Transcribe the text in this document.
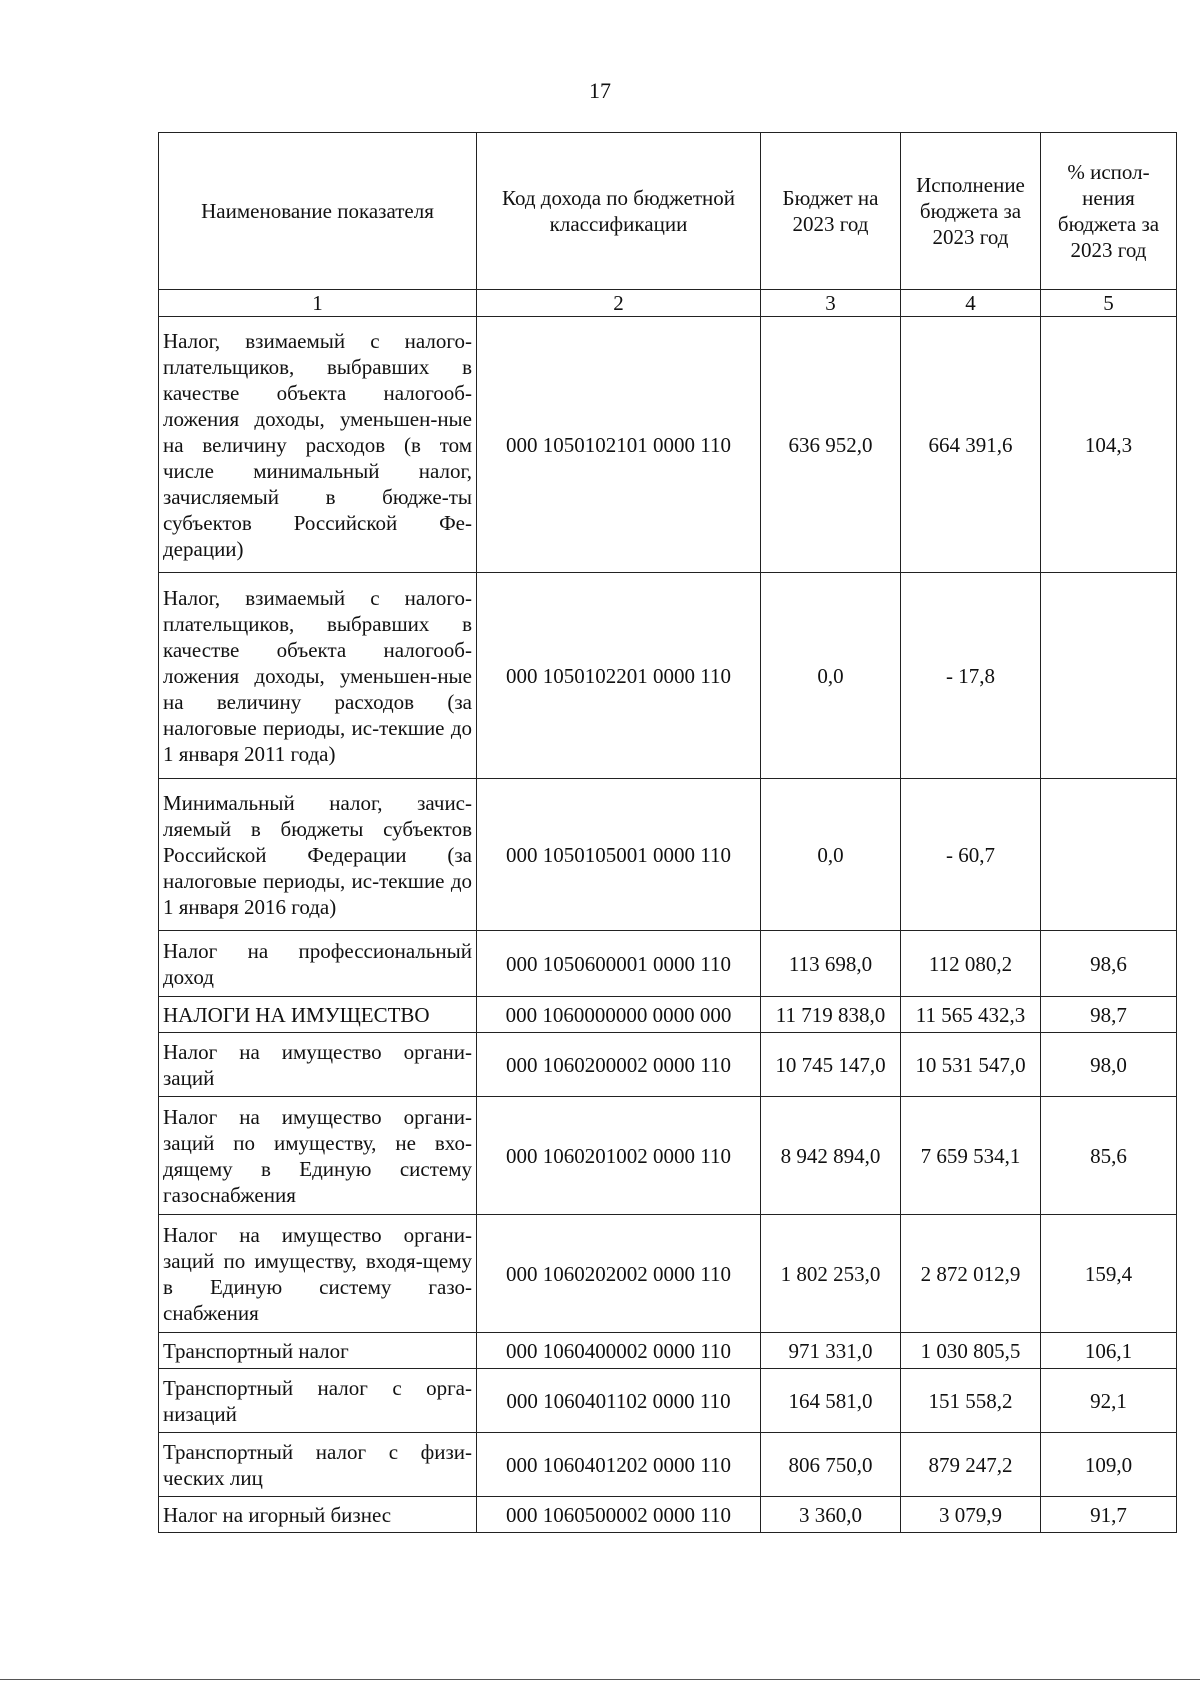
17
Наименование показателя	Код дохода по бюджетной классификации	Бюджет на 2023 год	Исполнение бюджета за 2023 год	% испол-нения бюджета за 2023 год
1	2	3	4	5
Налог, взимаемый с налого-плательщиков, выбравших в качестве объекта налогооб-ложения доходы, уменьшен-ные на величину расходов (в том числе минимальный налог, зачисляемый в бюдже-ты субъектов Российской Фе-дерации)	000 1050102101 0000 110	636 952,0	664 391,6	104,3
Налог, взимаемый с налого-плательщиков, выбравших в качестве объекта налогооб-ложения доходы, уменьшен-ные на величину расходов (за налоговые периоды, ис-текшие до 1 января 2011 года)	000 1050102201 0000 110	0,0	- 17,8	
Минимальный налог, зачис-ляемый в бюджеты субъектов Российской Федерации (за налоговые периоды, ис-текшие до 1 января 2016 года)	000 1050105001 0000 110	0,0	- 60,7	
Налог на профессиональный доход	000 1050600001 0000 110	113 698,0	112 080,2	98,6
НАЛОГИ НА ИМУЩЕСТВО	000 1060000000 0000 000	11 719 838,0	11 565 432,3	98,7
Налог на имущество органи-заций	000 1060200002 0000 110	10 745 147,0	10 531 547,0	98,0
Налог на имущество органи-заций по имуществу, не вхо-дящему в Единую систему газоснабжения	000 1060201002 0000 110	8 942 894,0	7 659 534,1	85,6
Налог на имущество органи-заций по имуществу, входя-щему в Единую систему газо-снабжения	000 1060202002 0000 110	1 802 253,0	2 872 012,9	159,4
Транспортный налог	000 1060400002 0000 110	971 331,0	1 030 805,5	106,1
Транспортный налог с орга-низаций	000 1060401102 0000 110	164 581,0	151 558,2	92,1
Транспортный налог с физи-ческих лиц	000 1060401202 0000 110	806 750,0	879 247,2	109,0
Налог на игорный бизнес	000 1060500002 0000 110	3 360,0	3 079,9	91,7
